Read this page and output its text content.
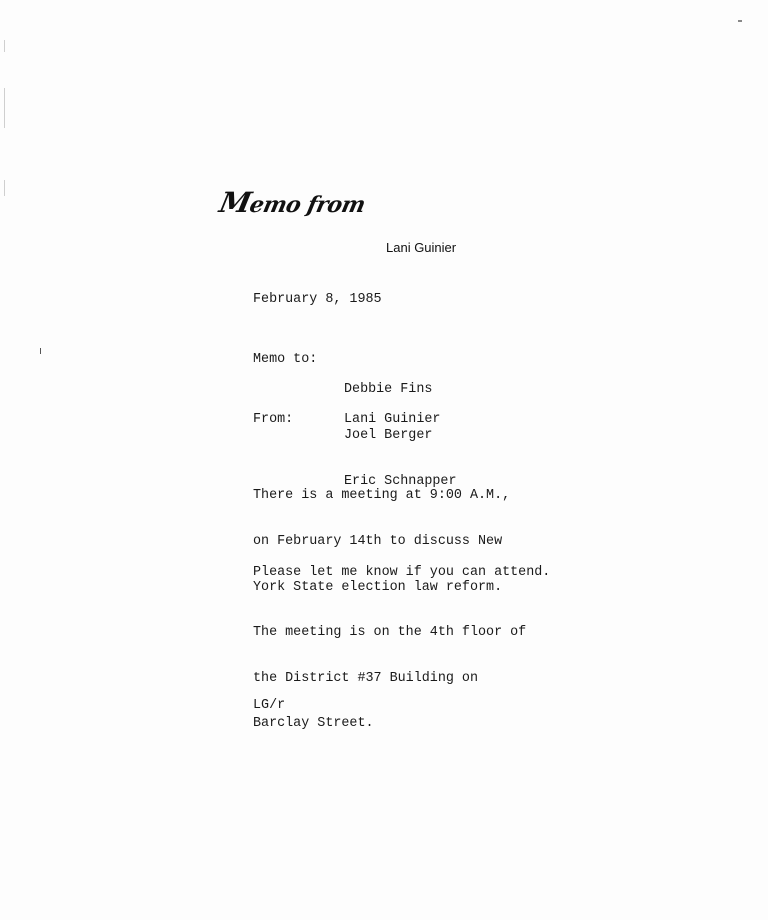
Memo from
Lani Guinier
February 8, 1985
Memo to:

Debbie Fins

Joel Berger

Eric Schnapper

From:	Lani Guinier

There is a meeting at 9:00 A.M.,

on February 14th to discuss New

York State election law reform.

The meeting is on the 4th floor of

the District #37 Building on

Barclay Street.

Please let me know if you can attend.
LG/r
